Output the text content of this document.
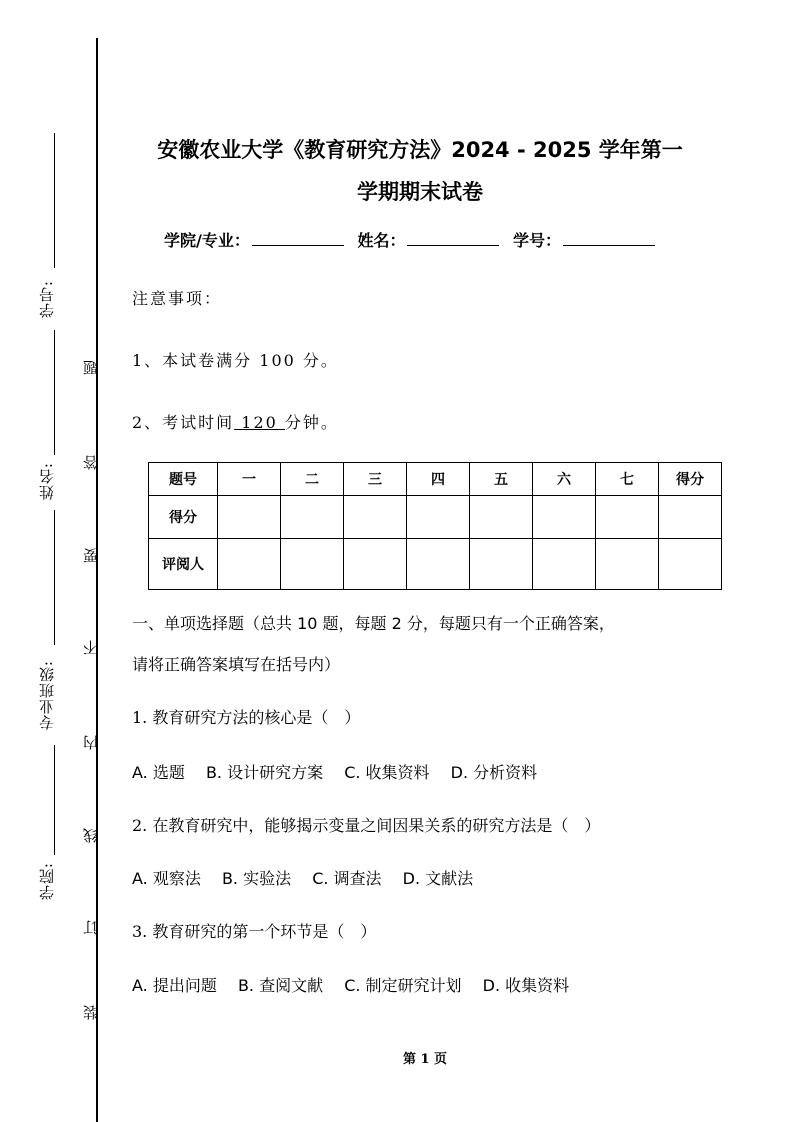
学号:
姓名:
专业班级:
学院:
题
答
要
不
内
线
订
装
安徽农业大学《教育研究方法》2024 - 2025 学年第一
学期期末试卷
学院/专业：	姓名：	学号：
注意事项：
1、本试卷满分 100 分。
2、考试时间 120 分钟。
题号	一	二	三	四	五	六	七	得分
得分								
评阅人								
一、单项选择题（总共 10 题，每题 2 分，每题只有一个正确答案，
请将正确答案填写在括号内）
1. 教育研究方法的核心是（　）
A. 选题 B. 设计研究方案 C. 收集资料 D. 分析资料
2. 在教育研究中，能够揭示变量之间因果关系的研究方法是（　）
A. 观察法 B. 实验法 C. 调查法 D. 文献法
3. 教育研究的第一个环节是（　）
A. 提出问题 B. 查阅文献 C. 制定研究计划 D. 收集资料
第 1 页
